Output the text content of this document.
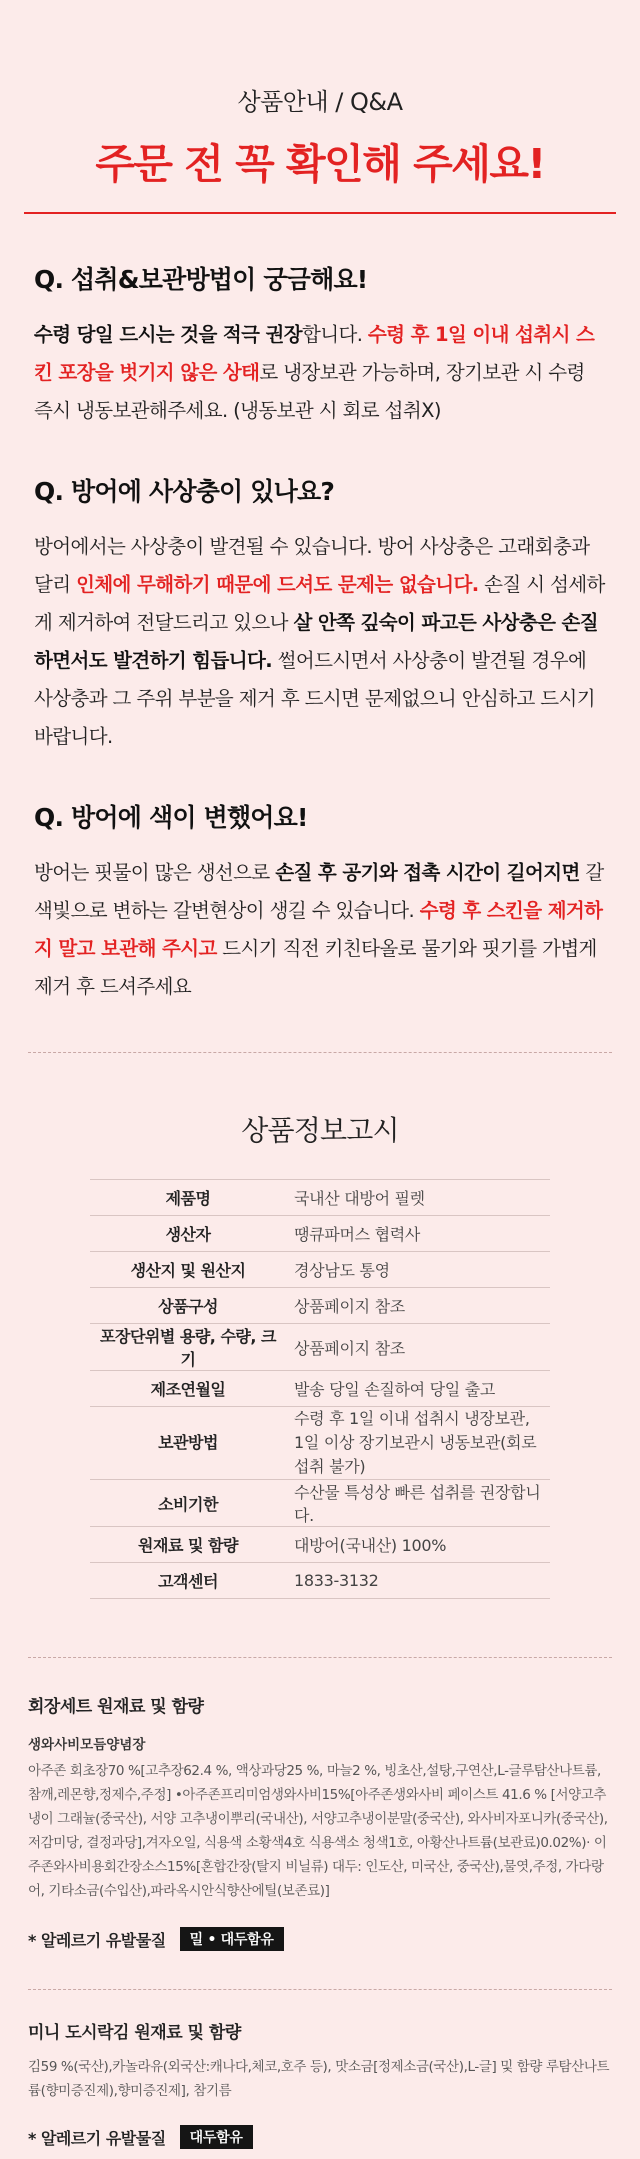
상품안내 / Q&A
주문 전 꼭 확인해 주세요!
Q. 섭취&보관방법이 궁금해요!
수령 당일 드시는 것을 적극 권장합니다. 수령 후 1일 이내 섭취시 스킨 포장을 벗기지 않은 상태로 냉장보관 가능하며, 장기보관 시 수령 즉시 냉동보관해주세요. (냉동보관 시 회로 섭취X)
Q. 방어에 사상충이 있나요?
방어에서는 사상충이 발견될 수 있습니다. 방어 사상충은 고래회충과 달리 인체에 무해하기 때문에 드셔도 문제는 없습니다. 손질 시 섬세하게 제거하여 전달드리고 있으나 살 안쪽 깊숙이 파고든 사상충은 손질하면서도 발견하기 힘듭니다. 썰어드시면서 사상충이 발견될 경우에 사상충과 그 주위 부분을 제거 후 드시면 문제없으니 안심하고 드시기 바랍니다.
Q. 방어에 색이 변했어요!
방어는 핏물이 많은 생선으로 손질 후 공기와 접촉 시간이 길어지면 갈색빛으로 변하는 갈변현상이 생길 수 있습니다. 수령 후 스킨을 제거하지 말고 보관해 주시고 드시기 직전 키친타올로 물기와 핏기를 가볍게 제거 후 드셔주세요
상품정보고시
제품명	국내산 대방어 필렛
생산자	땡큐파머스 협력사
생산지 및 원산지	경상남도 통영
상품구성	상품페이지 참조
포장단위별 용량, 수량, 크기	상품페이지 참조
제조연월일	발송 당일 손질하여 당일 출고
보관방법	수령 후 1일 이내 섭취시 냉장보관,
1일 이상 장기보관시 냉동보관(회로 섭취 불가)
소비기한	수산물 특성상 빠른 섭취를 권장합니다.
원재료 및 함량	대방어(국내산) 100%
고객센터	1833-3132
회장세트 원재료 및 함량
생와사비모듬양념장
아주존 회초장70 %[고추장62.4 %, 액상과당25 %, 마늘2 %, 빙초산,설탕,구연산,L-글루탐산나트륨,참깨,레몬향,정제수,주정] •아주존프리미엄생와사비15%[아주존생와사비 페이스트 41.6 % [서양고추냉이 그래뉼(중국산), 서양 고추냉이뿌리(국내산), 서양고추냉이분말(중국산), 와사비자포니카(중국산), 저감미당, 결정과당],겨자오일, 식용색 소황색4호 식용색소 청색1호, 아황산나트륨(보관료)0.02%)· 이주존와사비용회간장소스15%[혼합간장(탈지 비닐류) 대두: 인도산, 미국산, 중국산),물엿,주정, 가다랑어, 기타소금(수입산),파라옥시안식향산에틸(보존료)]
* 알레르기 유발물질	밀 • 대두함유
미니 도시락김 원재료 및 함량
김59 %(국산),카놀라유(외국산:캐나다,체코,호주 등), 맛소금[정제소금(국산),L-글] 및 함량 루탐산나트륨(향미증진제),향미증진제], 참기름
* 알레르기 유발물질	대두함유
